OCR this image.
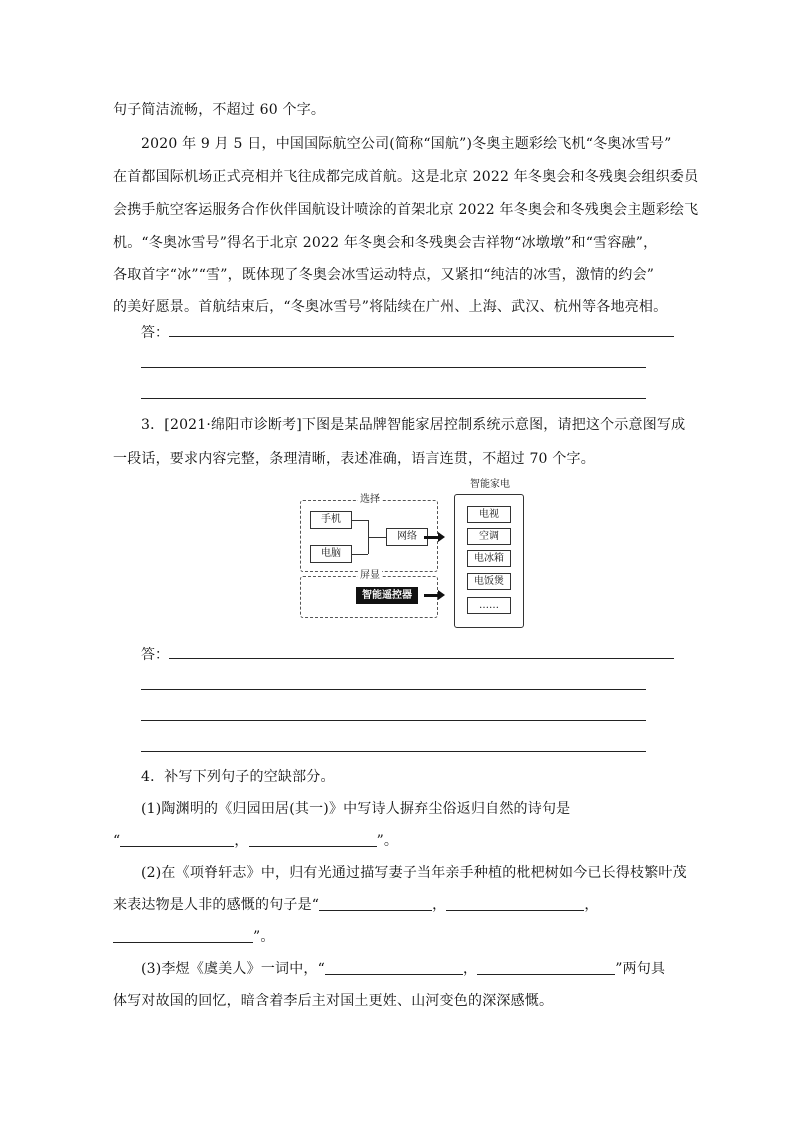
句子简洁流畅，不超过 60 个字。
2020 年 9 月 5 日，中国国际航空公司(简称“国航”)冬奥主题彩绘飞机“冬奥冰雪号”
在首都国际机场正式亮相并飞往成都完成首航。这是北京 2022 年冬奥会和冬残奥会组织委员
会携手航空客运服务合作伙伴国航设计喷涂的首架北京 2022 年冬奥会和冬残奥会主题彩绘飞
机。“冬奥冰雪号”得名于北京 2022 年冬奥会和冬残奥会吉祥物“冰墩墩”和“雪容融”，
各取首字“冰”“雪”，既体现了冬奥会冰雪运动特点，又紧扣“纯洁的冰雪，激情的约会”
的美好愿景。首航结束后，“冬奥冰雪号”将陆续在广州、上海、武汉、杭州等各地亮相。
答：
3．[2021·绵阳市诊断考]下图是某品牌智能家居控制系统示意图，请把这个示意图写成
一段话，要求内容完整，条理清晰，表述准确，语言连贯，不超过 70 个字。
选择
手机
电脑
网络
屏显
智能遥控器
智能家电
电视
空调
电冰箱
电饭煲
……
答：
4．补写下列句子的空缺部分。
(1)陶渊明的《归园田居(其一)》中写诗人摒弃尘俗返归自然的诗句是
“	，	”。
(2)在《项脊轩志》中，归有光通过描写妻子当年亲手种植的枇杷树如今已长得枝繁叶茂
来表达物是人非的感慨的句子是“	，	，
”。
(3)李煜《虞美人》一词中，“	，	”两句具
体写对故国的回忆，暗含着李后主对国土更姓、山河变色的深深感慨。
